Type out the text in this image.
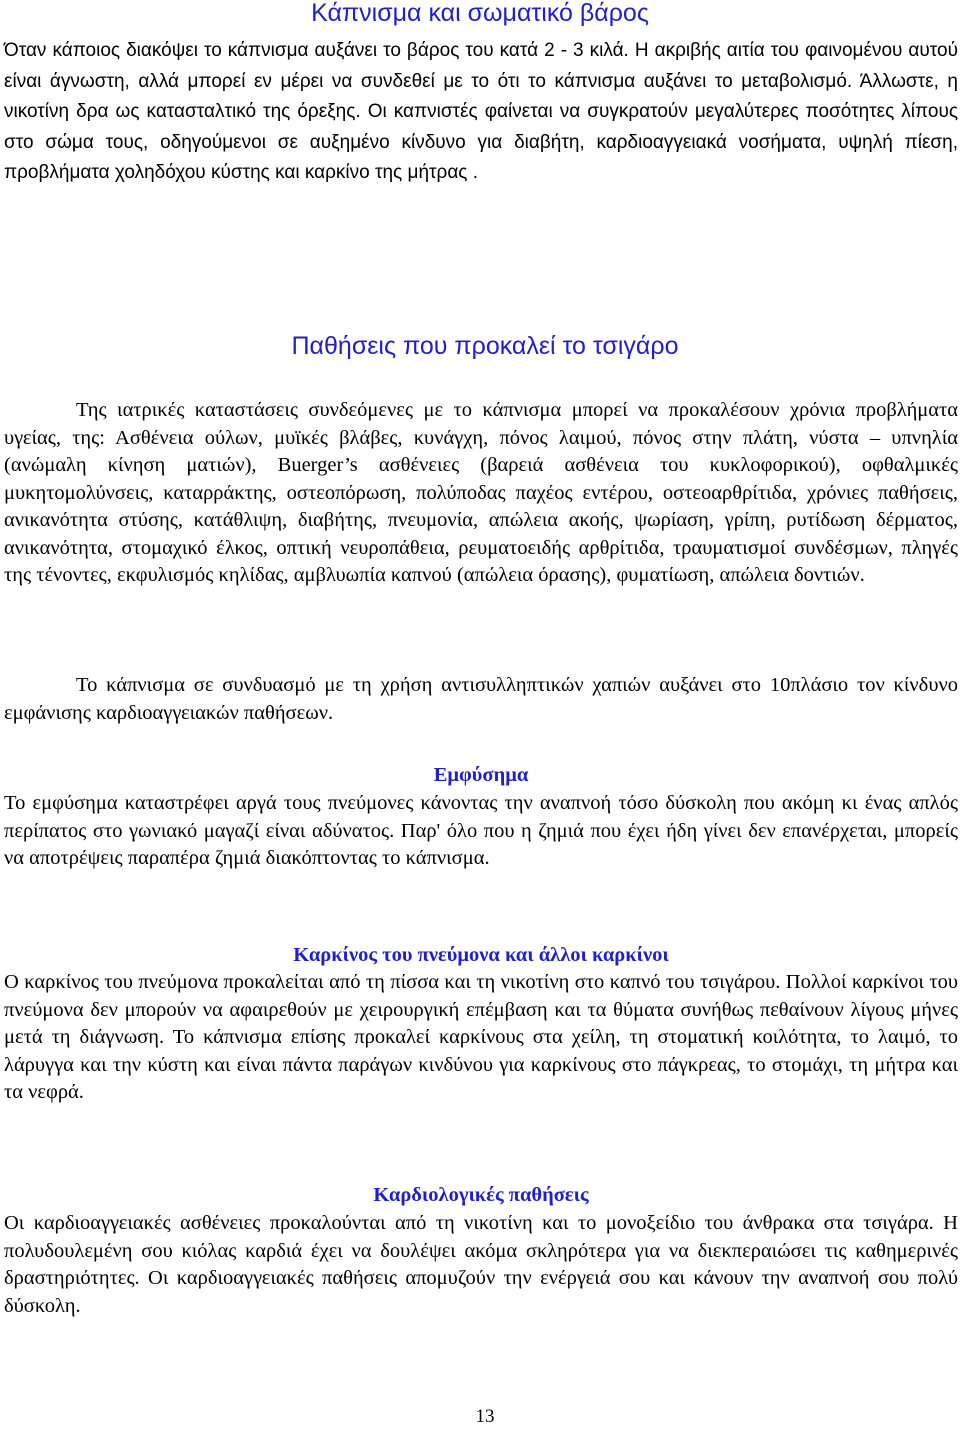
Κάπνισμα και σωματικό βάρος

Όταν κάποιος διακόψει το κάπνισμα αυξάνει το βάρος του κατά 2 - 3 κιλά. Η ακριβής αιτία του φαινομένου αυτού είναι άγνωστη, αλλά μπορεί εν μέρει να συνδεθεί με το ότι το κάπνισμα αυξάνει το μεταβολισμό. Άλλωστε, η νικοτίνη δρα ως κατασταλτικό της όρεξης. Οι καπνιστές φαίνεται να συγκρατούν μεγαλύτερες ποσότητες λίπους στο σώμα τους, οδηγούμενοι σε αυξημένο κίνδυνο για διαβήτη, καρδιοαγγειακά νοσήματα, υψηλή πίεση, προβλήματα χοληδόχου κύστης και καρκίνο της μήτρας .

Παθήσεις που προκαλεί το τσιγάρο

Της ιατρικές καταστάσεις συνδεόμενες με το κάπνισμα μπορεί να προκαλέσουν χρόνια προβλήματα υγείας, της: Ασθένεια ούλων, μυϊκές βλάβες, κυνάγχη, πόνος λαιμού, πόνος στην πλάτη, νύστα – υπνηλία (ανώμαλη κίνηση ματιών), Buerger’s ασθένειες (βαρειά ασθένεια του κυκλοφορικού), οφθαλμικές μυκητομολύνσεις, καταρράκτης, οστεοπόρωση, πολύποδας παχέος εντέρου, οστεοαρθρίτιδα, χρόνιες παθήσεις, ανικανότητα στύσης, κατάθλιψη, διαβήτης, πνευμονία, απώλεια ακοής, ψωρίαση, γρίπη, ρυτίδωση δέρματος, ανικανότητα, στομαχικό έλκος, οπτική νευροπάθεια, ρευματοειδής αρθρίτιδα, τραυματισμοί συνδέσμων, πληγές της τένοντες, εκφυλισμός κηλίδας, αμβλυωπία καπνού (απώλεια όρασης), φυματίωση, απώλεια δοντιών.

Το κάπνισμα σε συνδυασμό με τη χρήση αντισυλληπτικών χαπιών αυξάνει στο 10πλάσιο τον κίνδυνο εμφάνισης καρδιοαγγειακών παθήσεων.

Εμφύσημα

Το εμφύσημα καταστρέφει αργά τους πνεύμονες κάνοντας την αναπνοή τόσο δύσκολη που ακόμη κι ένας απλός περίπατος στο γωνιακό μαγαζί είναι αδύνατος. Παρ' όλο που η ζημιά που έχει ήδη γίνει δεν επανέρχεται, μπορείς να αποτρέψεις παραπέρα ζημιά διακόπτοντας το κάπνισμα.

Καρκίνος του πνεύμονα και άλλοι καρκίνοι

Ο καρκίνος του πνεύμονα προκαλείται από τη πίσσα και τη νικοτίνη στο καπνό του τσιγάρου. Πολλοί καρκίνοι του πνεύμονα δεν μπορούν να αφαιρεθούν με χειρουργική επέμβαση και τα θύματα συνήθως πεθαίνουν λίγους μήνες μετά τη διάγνωση. Το κάπνισμα επίσης προκαλεί καρκίνους στα χείλη, τη στοματική κοιλότητα, το λαιμό, το λάρυγγα και την κύστη και είναι πάντα παράγων κινδύνου για καρκίνους στο πάγκρεας, το στομάχι, τη μήτρα και τα νεφρά.

Καρδιολογικές παθήσεις

Οι καρδιοαγγειακές ασθένειες προκαλούνται από τη νικοτίνη και το μονοξείδιο του άνθρακα στα τσιγάρα. Η πολυδουλεμένη σου κιόλας καρδιά έχει να δουλέψει ακόμα σκληρότερα για να διεκπεραιώσει τις καθημερινές δραστηριότητες. Οι καρδιοαγγειακές παθήσεις απομυζούν την ενέργειά σου και κάνουν την αναπνοή σου πολύ δύσκολη.

13
